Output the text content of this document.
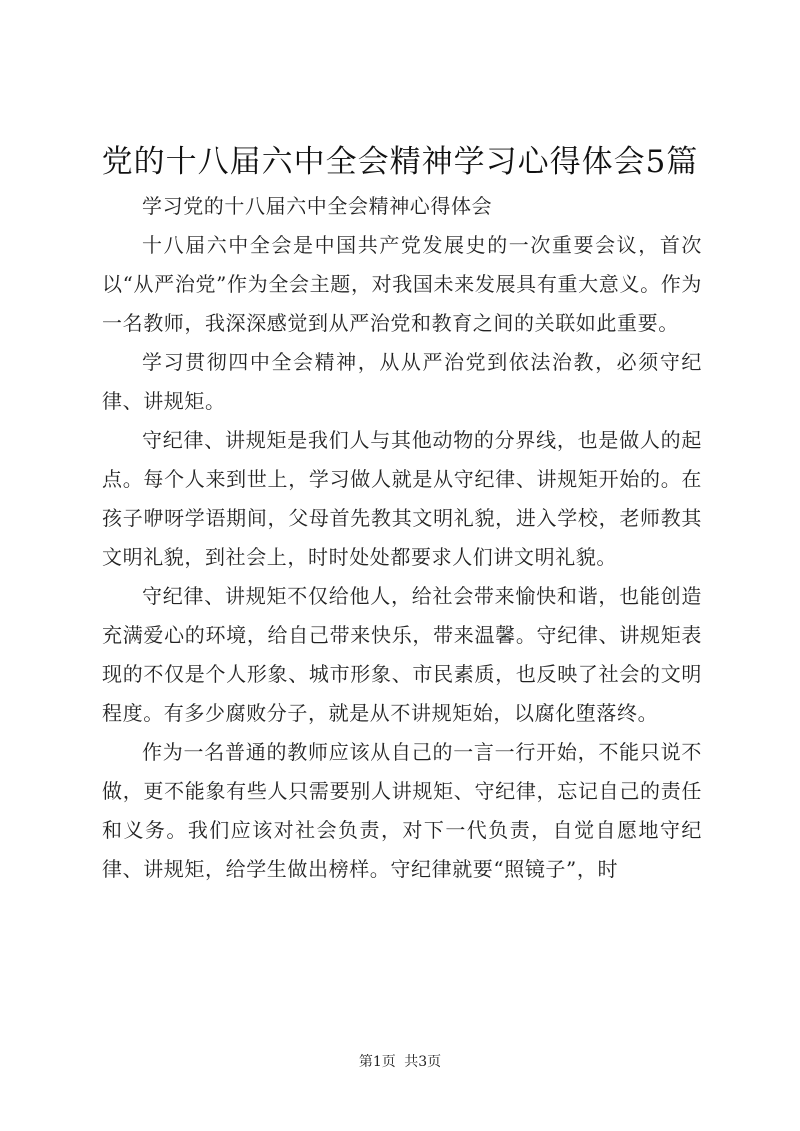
党的十八届六中全会精神学习心得体会5篇

学习党的十八届六中全会精神心得体会

十八届六中全会是中国共产党发展史的一次重要会议，首次以“从严治党”作为全会主题，对我国未来发展具有重大意义。作为一名教师，我深深感觉到从严治党和教育之间的关联如此重要。

学习贯彻四中全会精神，从从严治党到依法治教，必须守纪律、讲规矩。

守纪律、讲规矩是我们人与其他动物的分界线，也是做人的起点。每个人来到世上，学习做人就是从守纪律、讲规矩开始的。在孩子咿呀学语期间，父母首先教其文明礼貌，进入学校，老师教其文明礼貌，到社会上，时时处处都要求人们讲文明礼貌。

守纪律、讲规矩不仅给他人，给社会带来愉快和谐，也能创造充满爱心的环境，给自己带来快乐，带来温馨。守纪律、讲规矩表现的不仅是个人形象、城市形象、市民素质，也反映了社会的文明程度。有多少腐败分子，就是从不讲规矩始，以腐化堕落终。

作为一名普通的教师应该从自己的一言一行开始，不能只说不做，更不能象有些人只需要别人讲规矩、守纪律，忘记自己的责任和义务。我们应该对社会负责，对下一代负责，自觉自愿地守纪律、讲规矩，给学生做出榜样。守纪律就要“照镜子”，时

第1页 共3页
